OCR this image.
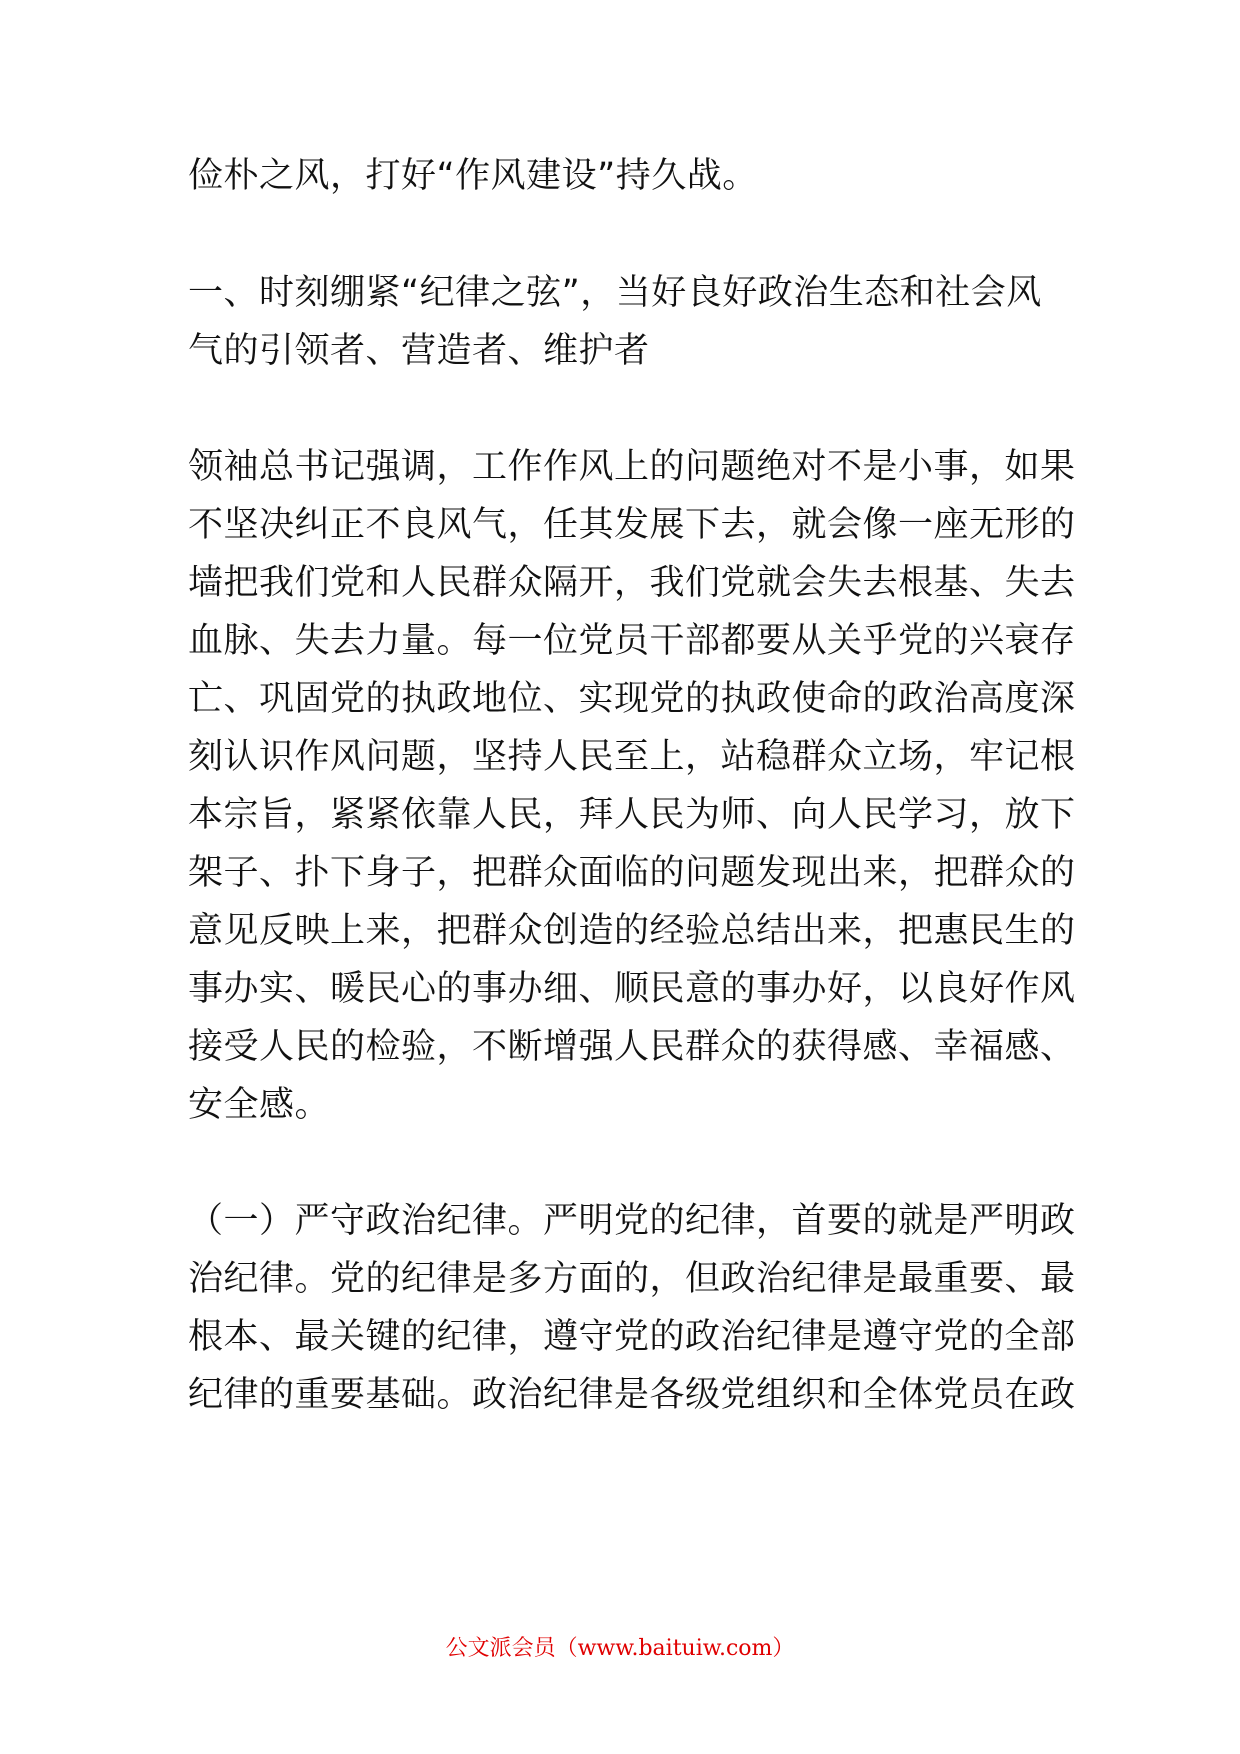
俭朴之风，打好“作风建设”持久战。
一、时刻绷紧“纪律之弦”，当好良好政治生态和社会风
气的引领者、营造者、维护者
领袖总书记强调，工作作风上的问题绝对不是小事，如果
不坚决纠正不良风气，任其发展下去，就会像一座无形的
墙把我们党和人民群众隔开，我们党就会失去根基、失去
血脉、失去力量。每一位党员干部都要从关乎党的兴衰存
亡、巩固党的执政地位、实现党的执政使命的政治高度深
刻认识作风问题，坚持人民至上，站稳群众立场，牢记根
本宗旨，紧紧依靠人民，拜人民为师、向人民学习，放下
架子、扑下身子，把群众面临的问题发现出来，把群众的
意见反映上来，把群众创造的经验总结出来，把惠民生的
事办实、暖民心的事办细、顺民意的事办好，以良好作风
接受人民的检验，不断增强人民群众的获得感、幸福感、
安全感。
（一）严守政治纪律。严明党的纪律，首要的就是严明政
治纪律。党的纪律是多方面的，但政治纪律是最重要、最
根本、最关键的纪律，遵守党的政治纪律是遵守党的全部
纪律的重要基础。政治纪律是各级党组织和全体党员在政
公文派会员（www.baituiw.com）
